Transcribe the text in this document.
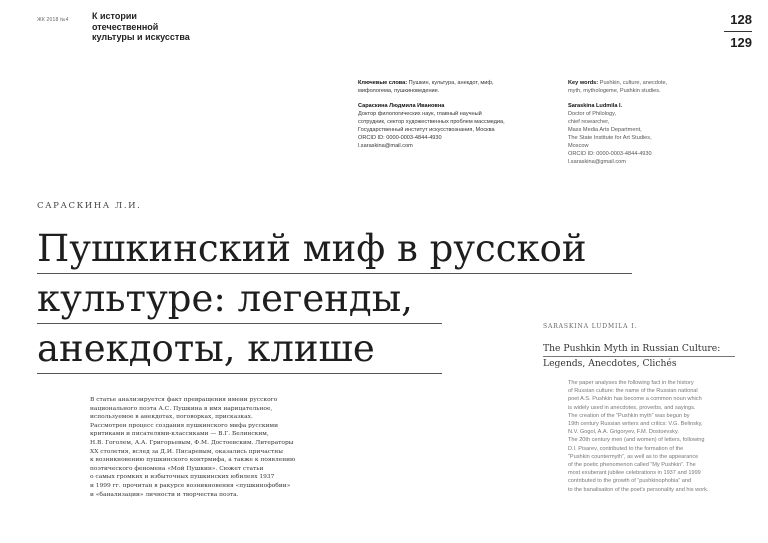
ЖК 2018 №4	К истории
отечественной
культуры и искусства
128
129
Ключевые слова: Пушкин, культура, анекдот, миф,
мифологема, пушкиноведение.
Сараскина Людмила Ивановна
Доктор филологических наук, главный научный
сотрудник, сектор художественных проблем массмедиа,
Государственный институт искусствознания, Москва
ORCID ID: 0000-0003-4844-4930
l.saraskina@mail.com
Key words: Pushkin, culture, anecdote,
myth, mythologeme, Pushkin studies.
Saraskina Ludmila I.
Doctor of Philology,
chief researcher,
Mass Media Arts Department,
The State Institute for Art Studies,
Moscow
ORCID ID: 0000-0003-4844-4930
l.saraskina@gmail.com
САРАСКИНА Л.И.
Пушкинский миф в русской
культуре: легенды,
анекдоты, клише
SARASKINA LUDMILA I.
The Pushkin Myth in Russian Culture:
Legends, Anecdotes, Clichés
В статье анализируется факт превращения имени русского
национального поэта А.С. Пушкина в имя нарицательное,
используемое в анекдотах, поговорках, присказках.
Рассмотрен процесс создания пушкинского мифа русскими
критиками и писателями-классиками — В.Г. Белинским,
Н.В. Гоголем, А.А. Григорьевым, Ф.М. Достоевским. Литераторы
XX столетия, вслед за Д.И. Писаревым, оказались причастны
к возникновению пушкинского контрмифа, а также к появлению
поэтического феномена «Мой Пушкин». Сюжет статьи
о самых громких и избыточных пушкинских юбилеях 1937
и 1999 гг. прочитан в ракурсе возникновения «пушкинофобии»
и «банализации» личности и творчества поэта.
The paper analyses the following fact in the history
of Russian culture: the name of the Russian national
poet A.S. Pushkin has become a common noun which
is widely used in anecdotes, proverbs, and sayings.
The creation of the “Pushkin myth” was begun by
19th century Russian writers and critics: V.G. Belinsky,
N.V. Gogol, A.A. Grigoryev, F.M. Dostoevsky.
The 20th century men (and women) of letters, following
D.I. Pisarev, contributed to the formation of the
“Pushkin countermyth”, as well as to the appearance
of the poetic phenomenon called “My Pushkin”. The
most exuberant jubilee celebrations in 1937 and 1999
contributed to the growth of “pushkinophobia” and
to the banalisation of the poet’s personality and his work.
